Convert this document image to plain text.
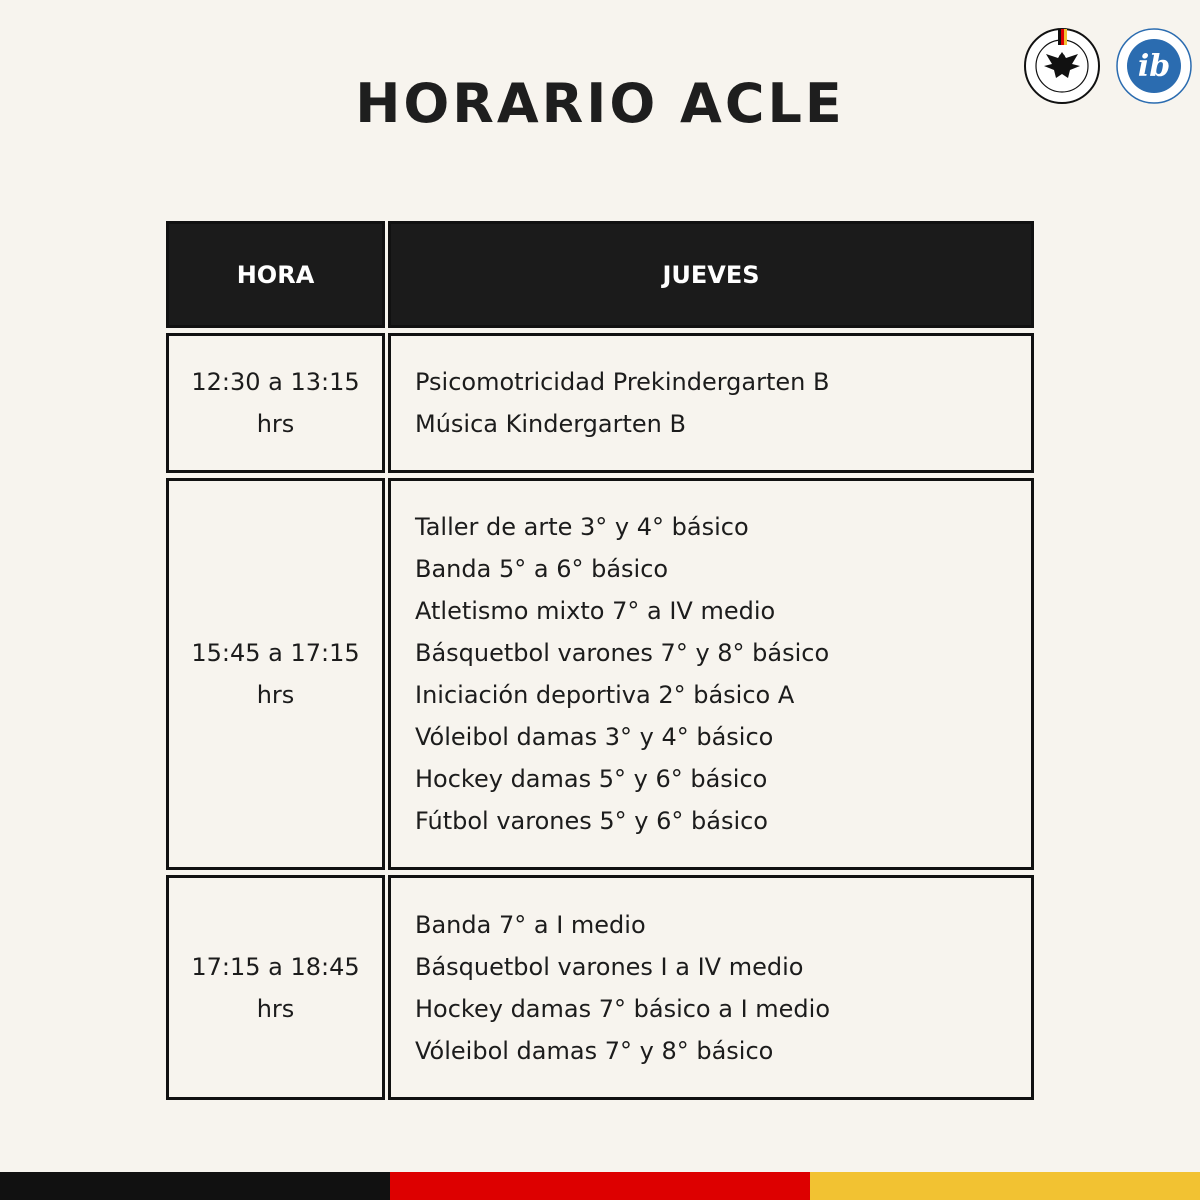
HORARIO ACLE
ib
HORA	JUEVES
12:30 a 13:15 hrs
Psicomotricidad Prekindergarten B
Música Kindergarten B
15:45 a 17:15 hrs
Taller de arte 3° y 4° básico
Banda 5° a 6° básico
Atletismo mixto 7° a IV medio
Básquetbol varones 7° y 8° básico
Iniciación deportiva 2° básico A
Vóleibol damas 3° y 4° básico
Hockey damas 5° y 6° básico
Fútbol varones 5° y 6° básico
17:15 a 18:45 hrs
Banda 7° a I medio
Básquetbol varones I a IV medio
Hockey damas 7° básico a I medio
Vóleibol damas 7° y 8° básico
